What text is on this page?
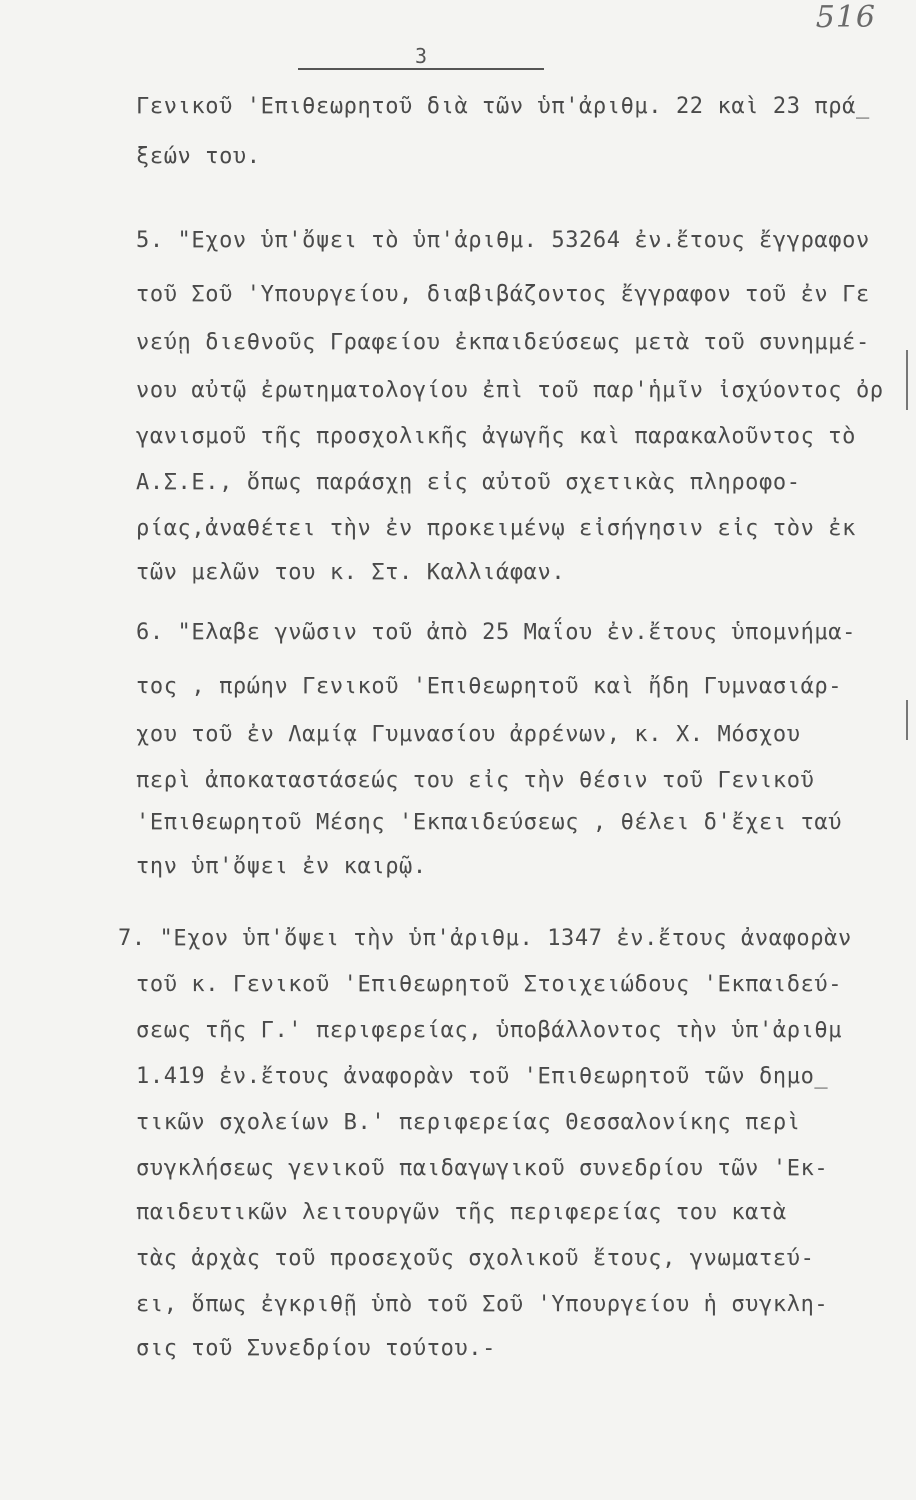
516
3
Γενικοῦ 'Επιθεωρητοῦ διὰ τῶν ὑπ'ἀριθμ. 22 καὶ 23 πρά_
ξεών του.
5. "Εχον ὑπ'ὄψει τὸ ὑπ'ἀριθμ. 53264 ἐν.ἔτους ἔγγραφον
τοῦ Σοῦ 'Υπουργείου, διαβιβάζοντος ἔγγραφον τοῦ ἐν Γε
νεύῃ διεθνοῦς Γραφείου ἐκπαιδεύσεως μετὰ τοῦ συνημμέ-
νου αὐτῷ ἐρωτηματολογίου ἐπὶ τοῦ παρ'ἡμῖν ἰσχύοντος ὀρ
γανισμοῦ τῆς προσχολικῆς ἀγωγῆς καὶ παρακαλοῦντος τὸ
Α.Σ.Ε., ὅπως παράσχῃ εἰς αὐτοῦ σχετικὰς πληροφο-
ρίας,ἀναθέτει τὴν ἐν προκειμένῳ εἰσήγησιν εἰς τὸν ἐκ
τῶν μελῶν του κ. Στ. Καλλιάφαν.
6. "Ελαβε γνῶσιν τοῦ ἀπὸ 25 Μαΐου ἐν.ἔτους ὑπομνήμα-
τος , πρώην Γενικοῦ 'Επιθεωρητοῦ καὶ ἤδη Γυμνασιάρ-
χου τοῦ ἐν Λαμίᾳ Γυμνασίου ἀρρένων, κ. Χ. Μόσχου
περὶ ἀποκαταστάσεώς του εἰς τὴν θέσιν τοῦ Γενικοῦ
'Επιθεωρητοῦ Μέσης 'Εκπαιδεύσεως , θέλει δ'ἔχει ταύ
την ὑπ'ὄψει ἐν καιρῷ.
7. "Εχον ὑπ'ὄψει τὴν ὑπ'ἀριθμ. 1347 ἐν.ἔτους ἀναφορὰν
τοῦ κ. Γενικοῦ 'Επιθεωρητοῦ Στοιχειώδους 'Εκπαιδεύ-
σεως τῆς Γ.' περιφερείας, ὑποβάλλοντος τὴν ὑπ'ἀριθμ
1.419 ἐν.ἔτους ἀναφορὰν τοῦ 'Επιθεωρητοῦ τῶν δημο_
τικῶν σχολείων Β.' περιφερείας Θεσσαλονίκης περὶ
συγκλήσεως γενικοῦ παιδαγωγικοῦ συνεδρίου τῶν 'Εκ-
παιδευτικῶν λειτουργῶν τῆς περιφερείας του κατὰ
τὰς ἀρχὰς τοῦ προσεχοῦς σχολικοῦ ἔτους, γνωματεύ-
ει, ὅπως ἐγκριθῇ ὑπὸ τοῦ Σοῦ 'Υπουργείου ἡ συγκλη-
σις τοῦ Συνεδρίου τούτου.-
